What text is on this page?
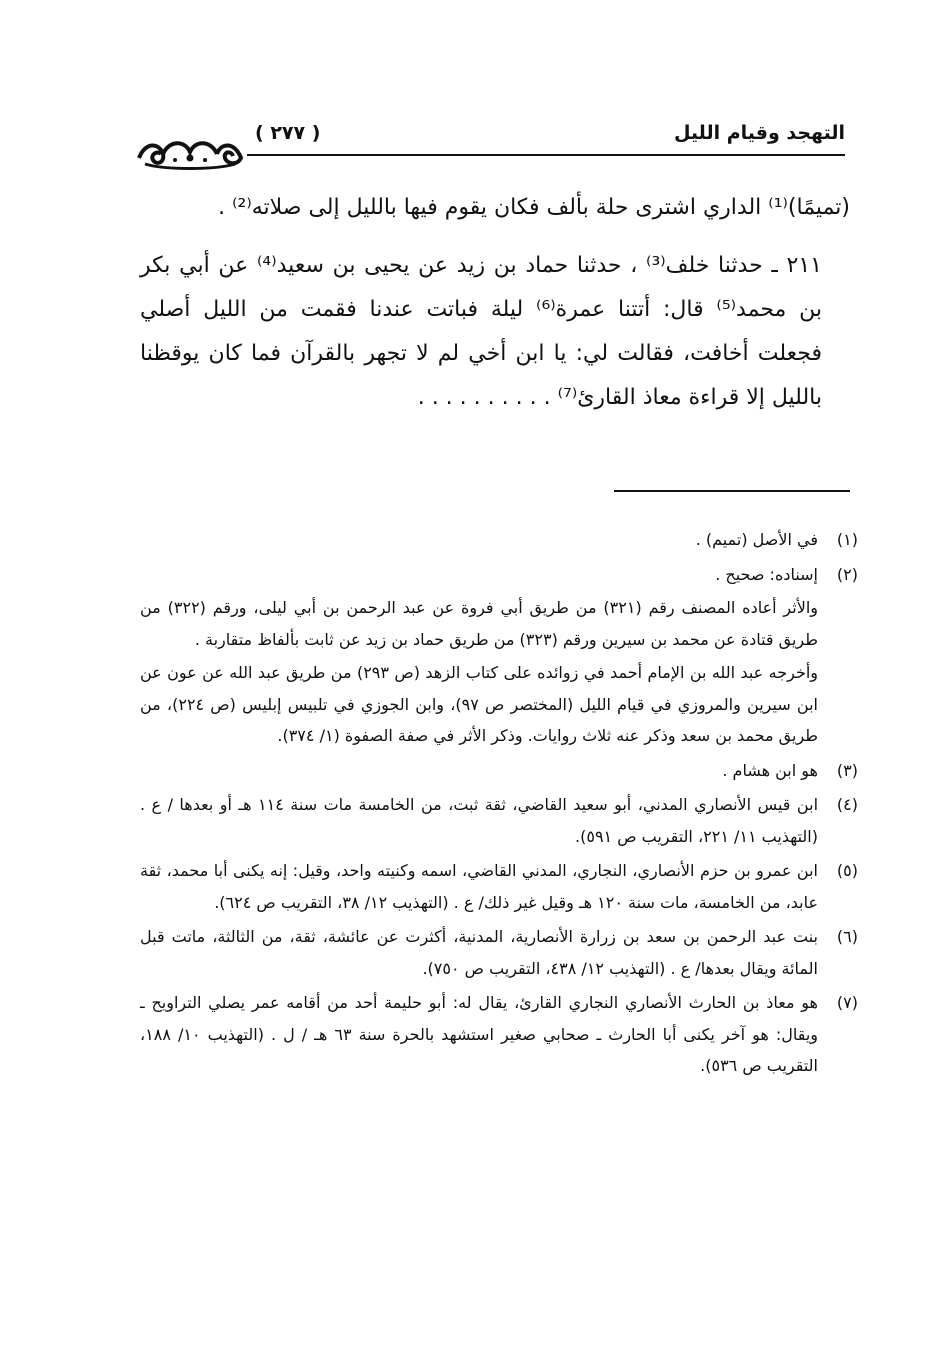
التهجد وقيام الليل
( ٢٧٧ )

(تميمًا)⁽¹⁾ الداري اشترى حلة بألف فكان يقوم فيها بالليل إلى صلاته⁽²⁾ .

٢١١ ـ حدثنا خلف⁽³⁾ ، حدثنا حماد بن زيد عن يحيى بن سعيد⁽⁴⁾ عن أبي بكر بن محمد⁽⁵⁾ قال: أتتنا عمرة⁽⁶⁾ ليلة فباتت عندنا فقمت من الليل أصلي فجعلت أخافت، فقالت لي: يا ابن أخي لم لا تجهر بالقرآن فما كان يوقظنا بالليل إلا قراءة معاذ القارئ⁽⁷⁾ . . . . . . . . . .

(١)

في الأصل (تميم) .

(٢)

إسناده: صحيح .

والأثر أعاده المصنف رقم (٣٢١) من طريق أبي فروة عن عبد الرحمن بن أبي ليلى، ورقم (٣٢٢) من طريق قتادة عن محمد بن سيرين ورقم (٣٢٣) من طريق حماد بن زيد عن ثابت بألفاظ متقاربة .

وأخرجه عبد الله بن الإمام أحمد في زوائده على كتاب الزهد (ص ٢٩٣) من طريق عبد الله عن عون عن ابن سيرين والمروزي في قيام الليل (المختصر ص ٩٧)، وابن الجوزي في تلبيس إبليس (ص ٢٢٤)، من طريق محمد بن سعد وذكر عنه ثلاث روايات. وذكر الأثر في صفة الصفوة (١/ ٣٧٤).

(٣)

هو ابن هشام .

(٤)

ابن قيس الأنصاري المدني، أبو سعيد القاضي، ثقة ثبت، من الخامسة مات سنة ١١٤ هـ أو بعدها / ع . (التهذيب ١١/ ٢٢١، التقريب ص ٥٩١).

(٥)

ابن عمرو بن حزم الأنصاري، النجاري، المدني القاضي، اسمه وكنيته واحد، وقيل: إنه يكنى أبا محمد، ثقة عابد، من الخامسة، مات سنة ١٢٠ هـ وقيل غير ذلك/ ع . (التهذيب ١٢/ ٣٨، التقريب ص ٦٢٤).

(٦)

بنت عبد الرحمن بن سعد بن زرارة الأنصارية، المدنية، أكثرت عن عائشة، ثقة، من الثالثة، ماتت قبل المائة ويقال بعدها/ ع . (التهذيب ١٢/ ٤٣٨، التقريب ص ٧٥٠).

(٧)

هو معاذ بن الحارث الأنصاري النجاري القارئ، يقال له: أبو حليمة أحد من أقامه عمر يصلي التراويح ـ ويقال: هو آخر يكنى أبا الحارث ـ صحابي صغير استشهد بالحرة سنة ٦٣ هـ / ل . (التهذيب ١٠/ ١٨٨، التقريب ص ٥٣٦).
